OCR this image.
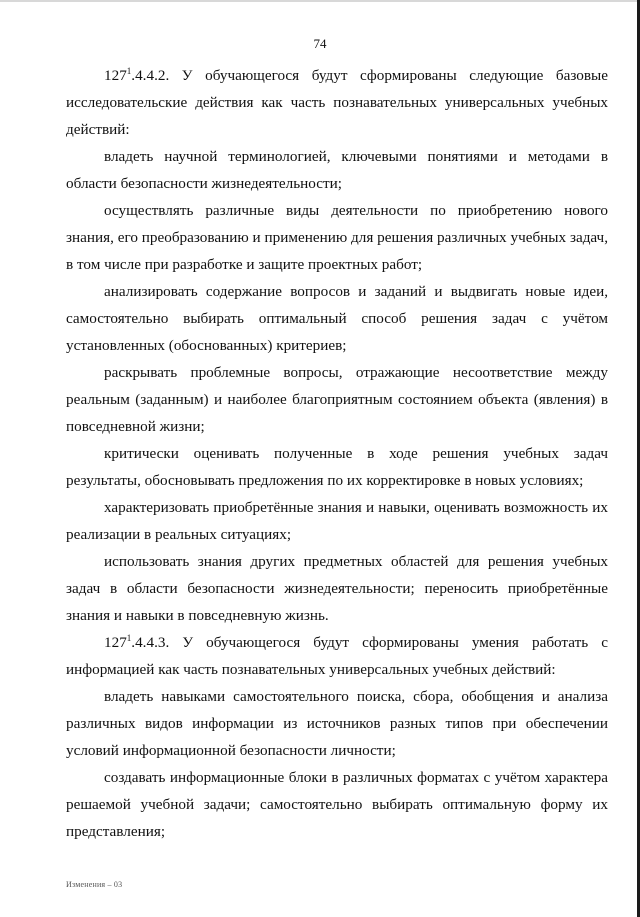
74

$127^1.4.4.2$. У обучающегося будут сформированы следующие базовые исследовательские действия как часть познавательных универсальных учебных действий:

владеть научной терминологией, ключевыми понятиями и методами в области безопасности жизнедеятельности;

осуществлять различные виды деятельности по приобретению нового знания, его преобразованию и применению для решения различных учебных задач, в том числе при разработке и защите проектных работ;

анализировать содержание вопросов и заданий и выдвигать новые идеи, самостоятельно выбирать оптимальный способ решения задач с учётом установленных (обоснованных) критериев;

раскрывать проблемные вопросы, отражающие несоответствие между реальным (заданным) и наиболее благоприятным состоянием объекта (явления) в повседневной жизни;

критически оценивать полученные в ходе решения учебных задач результаты, обосновывать предложения по их корректировке в новых условиях;

характеризовать приобретённые знания и навыки, оценивать возможность их реализации в реальных ситуациях;

использовать знания других предметных областей для решения учебных задач в области безопасности жизнедеятельности; переносить приобретённые знания и навыки в повседневную жизнь.

$127^1.4.4.3$. У обучающегося будут сформированы умения работать с информацией как часть познавательных универсальных учебных действий:

владеть навыками самостоятельного поиска, сбора, обобщения и анализа различных видов информации из источников разных типов при обеспечении условий информационной безопасности личности;

создавать информационные блоки в различных форматах с учётом характера решаемой учебной задачи; самостоятельно выбирать оптимальную форму их представления;

Изменения – 03
